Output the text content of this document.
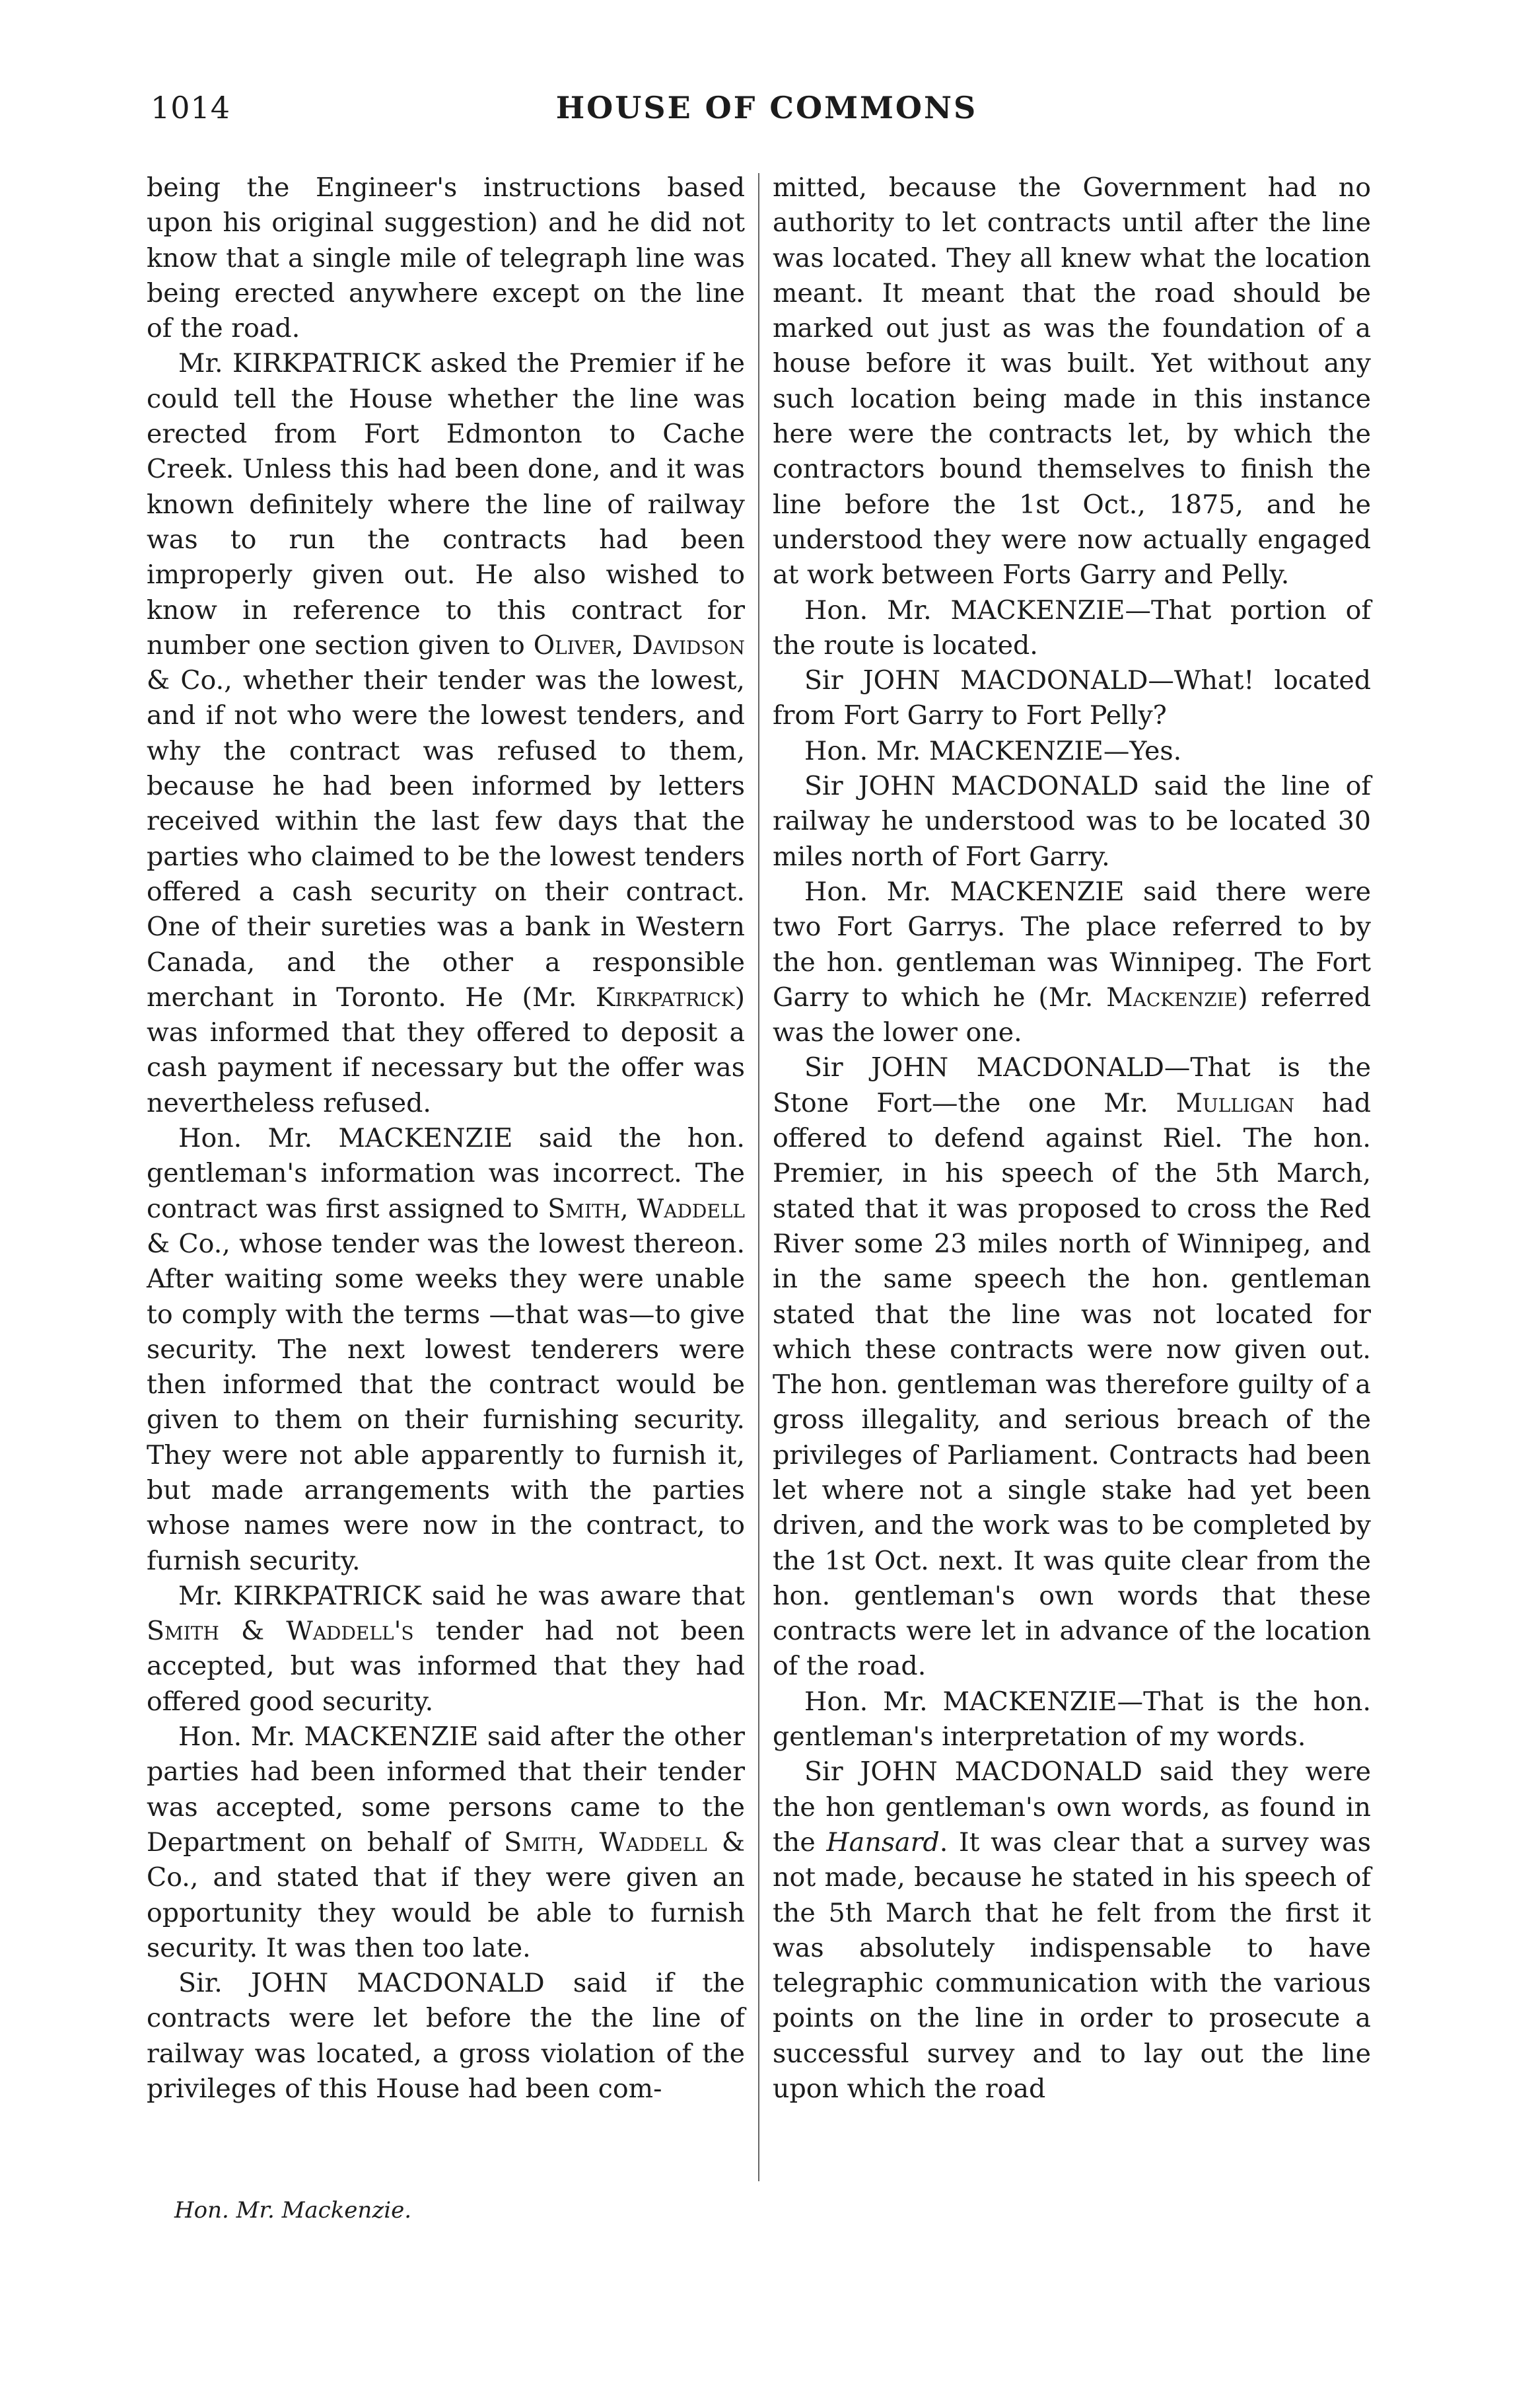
1014	HOUSE OF COMMONS

being the Engineer's instructions based upon his original suggestion) and he did not know that a single mile of telegraph line was being erected anywhere except on the line of the road.

Mr. KIRKPATRICK asked the Premier if he could tell the House whether the line was erected from Fort Edmonton to Cache Creek. Unless this had been done, and it was known definitely where the line of railway was to run the contracts had been improperly given out. He also wished to know in reference to this contract for number one section given to Oliver, Davidson & Co., whether their tender was the lowest, and if not who were the lowest tenders, and why the contract was refused to them, because he had been informed by letters received within the last few days that the parties who claimed to be the lowest tenders offered a cash security on their contract. One of their sureties was a bank in Western Canada, and the other a responsible merchant in Toronto. He (Mr. Kirkpatrick) was informed that they offered to deposit a cash payment if necessary but the offer was nevertheless refused.

Hon. Mr. MACKENZIE said the hon. gentleman's information was incorrect. The contract was first assigned to Smith, Waddell & Co., whose tender was the lowest thereon. After waiting some weeks they were unable to comply with the terms —that was—to give security. The next lowest tenderers were then informed that the contract would be given to them on their furnishing security. They were not able apparently to furnish it, but made arrangements with the parties whose names were now in the contract, to furnish security.

Mr. KIRKPATRICK said he was aware that Smith & Waddell's tender had not been accepted, but was informed that they had offered good security.

Hon. Mr. MACKENZIE said after the other parties had been informed that their tender was accepted, some persons came to the Department on behalf of Smith, Waddell & Co., and stated that if they were given an opportunity they would be able to furnish security. It was then too late.

Sir. JOHN MACDONALD said if the contracts were let before the the line of railway was located, a gross violation of the privileges of this House had been com-

mitted, because the Government had no authority to let contracts until after the line was located. They all knew what the location meant. It meant that the road should be marked out just as was the foundation of a house before it was built. Yet without any such location being made in this instance here were the contracts let, by which the contractors bound themselves to finish the line before the 1st Oct., 1875, and he understood they were now actually engaged at work between Forts Garry and Pelly.

Hon. Mr. MACKENZIE—That portion of the route is located.

Sir JOHN MACDONALD—What! located from Fort Garry to Fort Pelly?

Hon. Mr. MACKENZIE—Yes.

Sir JOHN MACDONALD said the line of railway he understood was to be located 30 miles north of Fort Garry.

Hon. Mr. MACKENZIE said there were two Fort Garrys. The place referred to by the hon. gentleman was Winnipeg. The Fort Garry to which he (Mr. Mackenzie) referred was the lower one.

Sir JOHN MACDONALD—That is the Stone Fort—the one Mr. Mulligan had offered to defend against Riel. The hon. Premier, in his speech of the 5th March, stated that it was proposed to cross the Red River some 23 miles north of Winnipeg, and in the same speech the hon. gentleman stated that the line was not located for which these contracts were now given out. The hon. gentleman was therefore guilty of a gross illegality, and serious breach of the privileges of Parliament. Contracts had been let where not a single stake had yet been driven, and the work was to be completed by the 1st Oct. next. It was quite clear from the hon. gentleman's own words that these contracts were let in advance of the location of the road.

Hon. Mr. MACKENZIE—That is the hon. gentleman's interpretation of my words.

Sir JOHN MACDONALD said they were the hon gentleman's own words, as found in the Hansard. It was clear that a survey was not made, because he stated in his speech of the 5th March that he felt from the first it was absolutely indispensable to have telegraphic communication with the various points on the line in order to prosecute a successful survey and to lay out the line upon which the road

Hon. Mr. Mackenzie.
